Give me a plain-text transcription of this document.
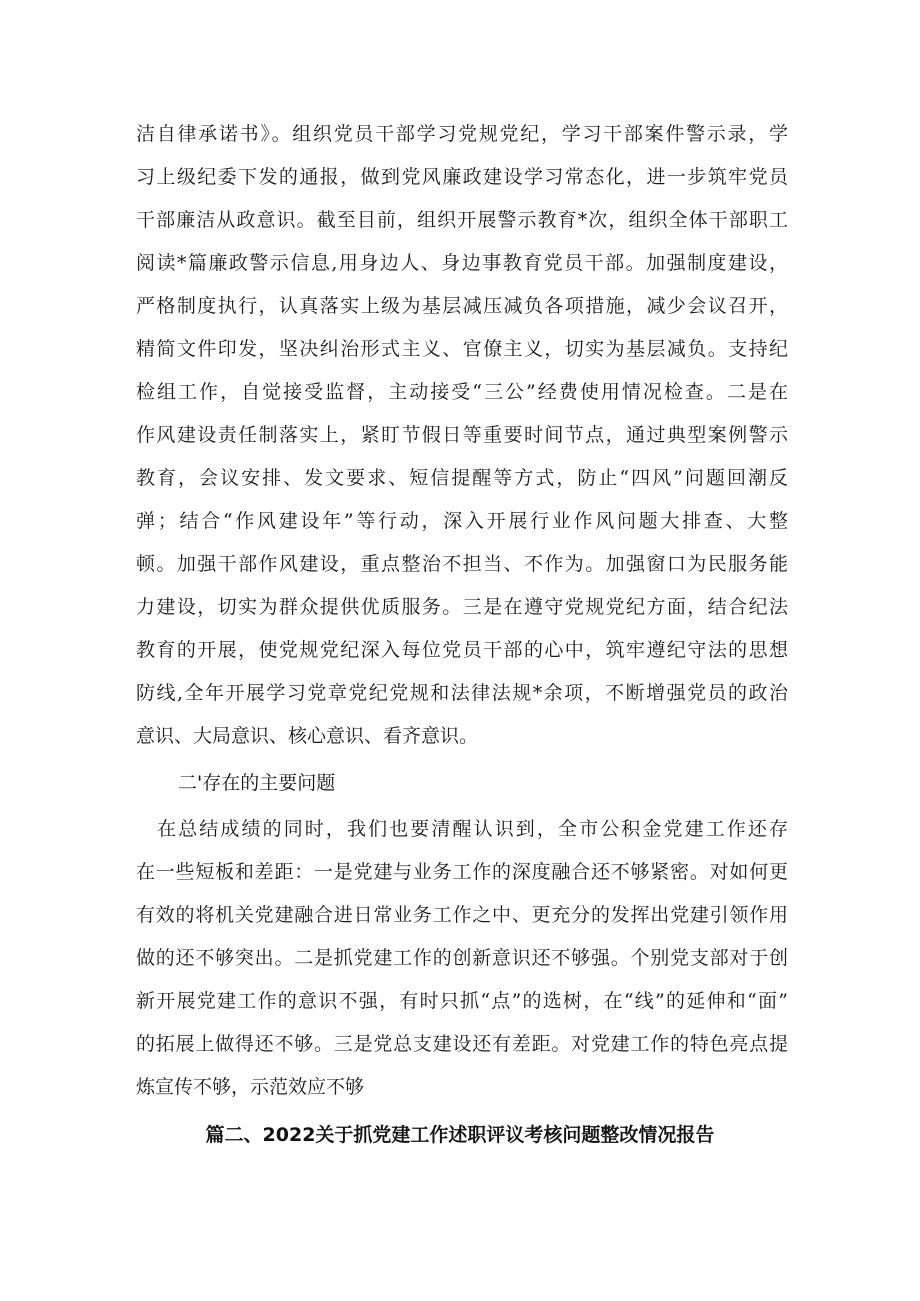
洁自律承诺书》。组织党员干部学习党规党纪，学习干部案件警示录，学
习上级纪委下发的通报，做到党风廉政建设学习常态化，进一步筑牢党员
干部廉洁从政意识。截至目前，组织开展警示教育*次，组织全体干部职工
阅读*篇廉政警示信息,用身边人、身边事教育党员干部。加强制度建设，
严格制度执行，认真落实上级为基层减压减负各项措施，减少会议召开，
精简文件印发，坚决纠治形式主义、官僚主义，切实为基层减负。支持纪
检组工作，自觉接受监督，主动接受“三公”经费使用情况检查。二是在
作风建设责任制落实上，紧盯节假日等重要时间节点，通过典型案例警示
教育，会议安排、发文要求、短信提醒等方式，防止“四风”问题回潮反
弹；结合“作风建设年”等行动，深入开展行业作风问题大排查、大整
顿。加强干部作风建设，重点整治不担当、不作为。加强窗口为民服务能
力建设，切实为群众提供优质服务。三是在遵守党规党纪方面，结合纪法
教育的开展，使党规党纪深入每位党员干部的心中，筑牢遵纪守法的思想
防线,全年开展学习党章党纪党规和法律法规*余项，不断增强党员的政治
意识、大局意识、核心意识、看齐意识。
二'存在的主要问题
　在总结成绩的同时，我们也要清醒认识到，全市公积金党建工作还存
在一些短板和差距：一是党建与业务工作的深度融合还不够紧密。对如何更
有效的将机关党建融合进日常业务工作之中、更充分的发挥出党建引领作用
做的还不够突出。二是抓党建工作的创新意识还不够强。个别党支部对于创
新开展党建工作的意识不强，有时只抓“点”的选树，在“线”的延伸和“面”
的拓展上做得还不够。三是党总支建设还有差距。对党建工作的特色亮点提
炼宣传不够，示范效应不够
篇二、2022关于抓党建工作述职评议考核问题整改情况报告
